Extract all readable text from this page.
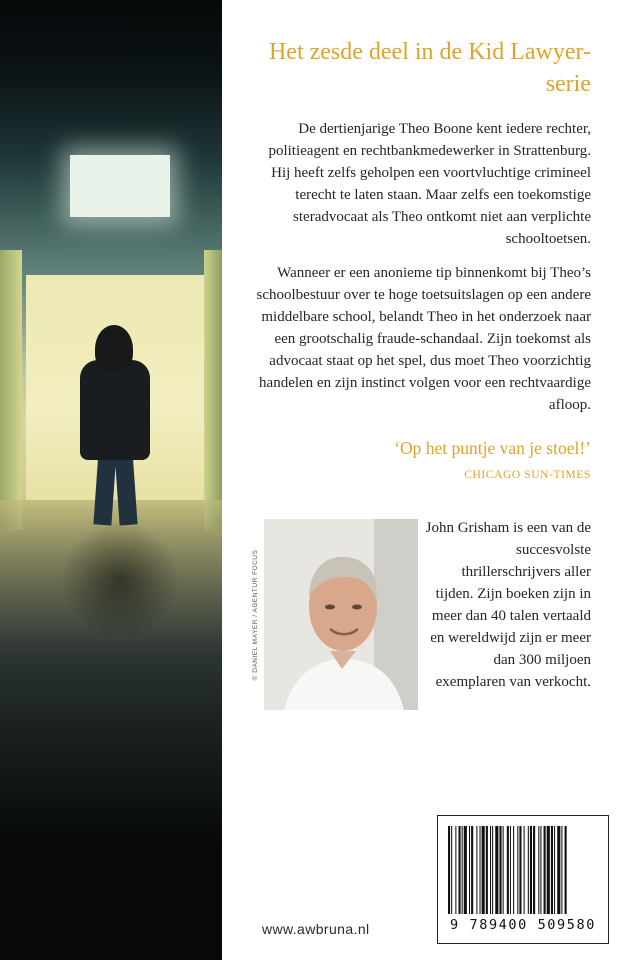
Het zesde deel in de Kid Lawyer-serie

De dertienjarige Theo Boone kent iedere rechter, politieagent en rechtbankmedewerker in Strattenburg. Hij heeft zelfs geholpen een voortvluchtige crimineel terecht te laten staan. Maar zelfs een toekomstige steradvocaat als Theo ontkomt niet aan verplichte schooltoetsen.

Wanneer er een anonieme tip binnenkomt bij Theo’s schoolbestuur over te hoge toetsuitslagen op een andere middelbare school, belandt Theo in het onderzoek naar een grootschalig fraude-schandaal. Zijn toekomst als advocaat staat op het spel, dus moet Theo voorzichtig handelen en zijn instinct volgen voor een rechtvaardige afloop.

‘Op het puntje van je stoel!’
CHICAGO SUN-TIMES
© DANIEL MAYER / AGENTUR FOCUS

John Grisham is een van de succesvolste thrillerschrijvers aller tijden. Zijn boeken zijn in meer dan 40 talen vertaald en wereldwijd zijn er meer dan 300 miljoen exemplaren van verkocht.

www.awbruna.nl	9 789400 509580
